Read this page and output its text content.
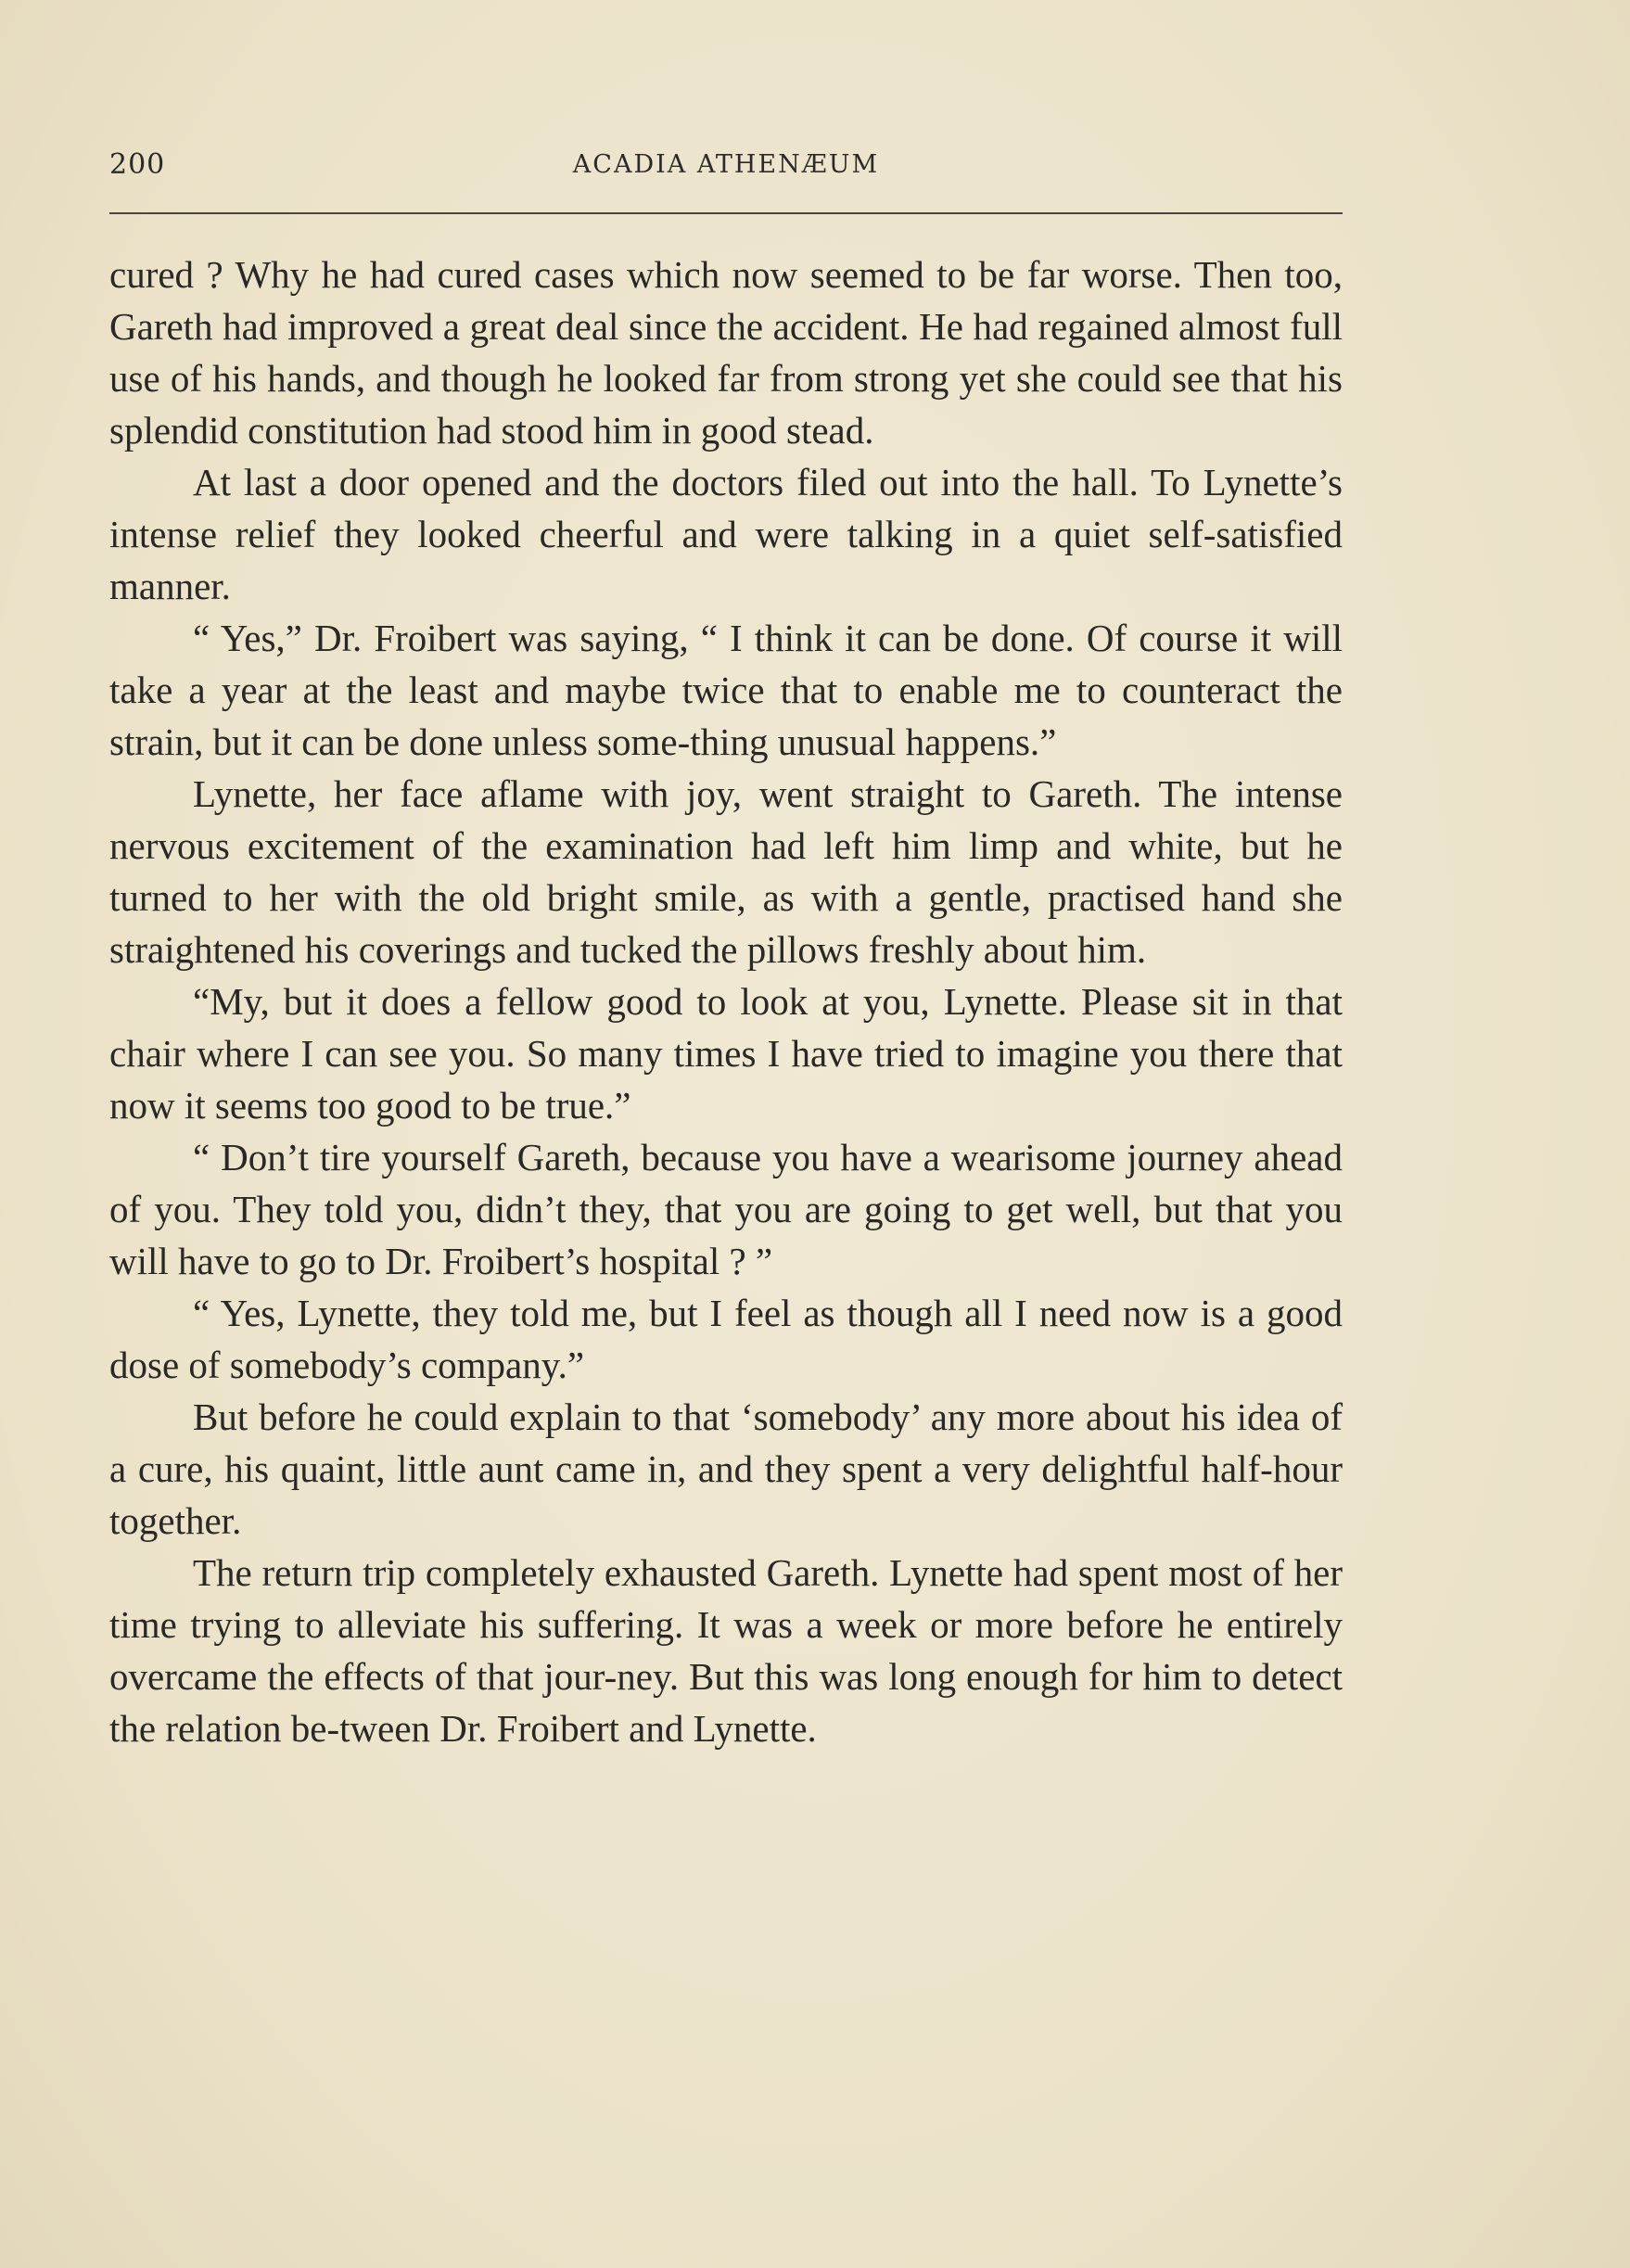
200	ACADIA ATHENÆUM

cured ? Why he had cured cases which now seemed to be far worse. Then too, Gareth had improved a great deal since the accident. He had regained almost full use of his hands, and though he looked far from strong yet she could see that his splendid constitution had stood him in good stead.

At last a door opened and the doctors filed out into the hall. To Lynette’s intense relief they looked cheerful and were talking in a quiet self-satisfied manner.

“ Yes,” Dr. Froibert was saying, “ I think it can be done. Of course it will take a year at the least and maybe twice that to enable me to counteract the strain, but it can be done unless some-thing unusual happens.”

Lynette, her face aflame with joy, went straight to Gareth. The intense nervous excitement of the examination had left him limp and white, but he turned to her with the old bright smile, as with a gentle, practised hand she straightened his coverings and tucked the pillows freshly about him.

“My, but it does a fellow good to look at you, Lynette. Please sit in that chair where I can see you. So many times I have tried to imagine you there that now it seems too good to be true.”

“ Don’t tire yourself Gareth, because you have a wearisome journey ahead of you. They told you, didn’t they, that you are going to get well, but that you will have to go to Dr. Froibert’s hospital ? ”

“ Yes, Lynette, they told me, but I feel as though all I need now is a good dose of somebody’s company.”

But before he could explain to that ‘somebody’ any more about his idea of a cure, his quaint, little aunt came in, and they spent a very delightful half-hour together.

The return trip completely exhausted Gareth. Lynette had spent most of her time trying to alleviate his suffering. It was a week or more before he entirely overcame the effects of that jour-ney. But this was long enough for him to detect the relation be-tween Dr. Froibert and Lynette.
